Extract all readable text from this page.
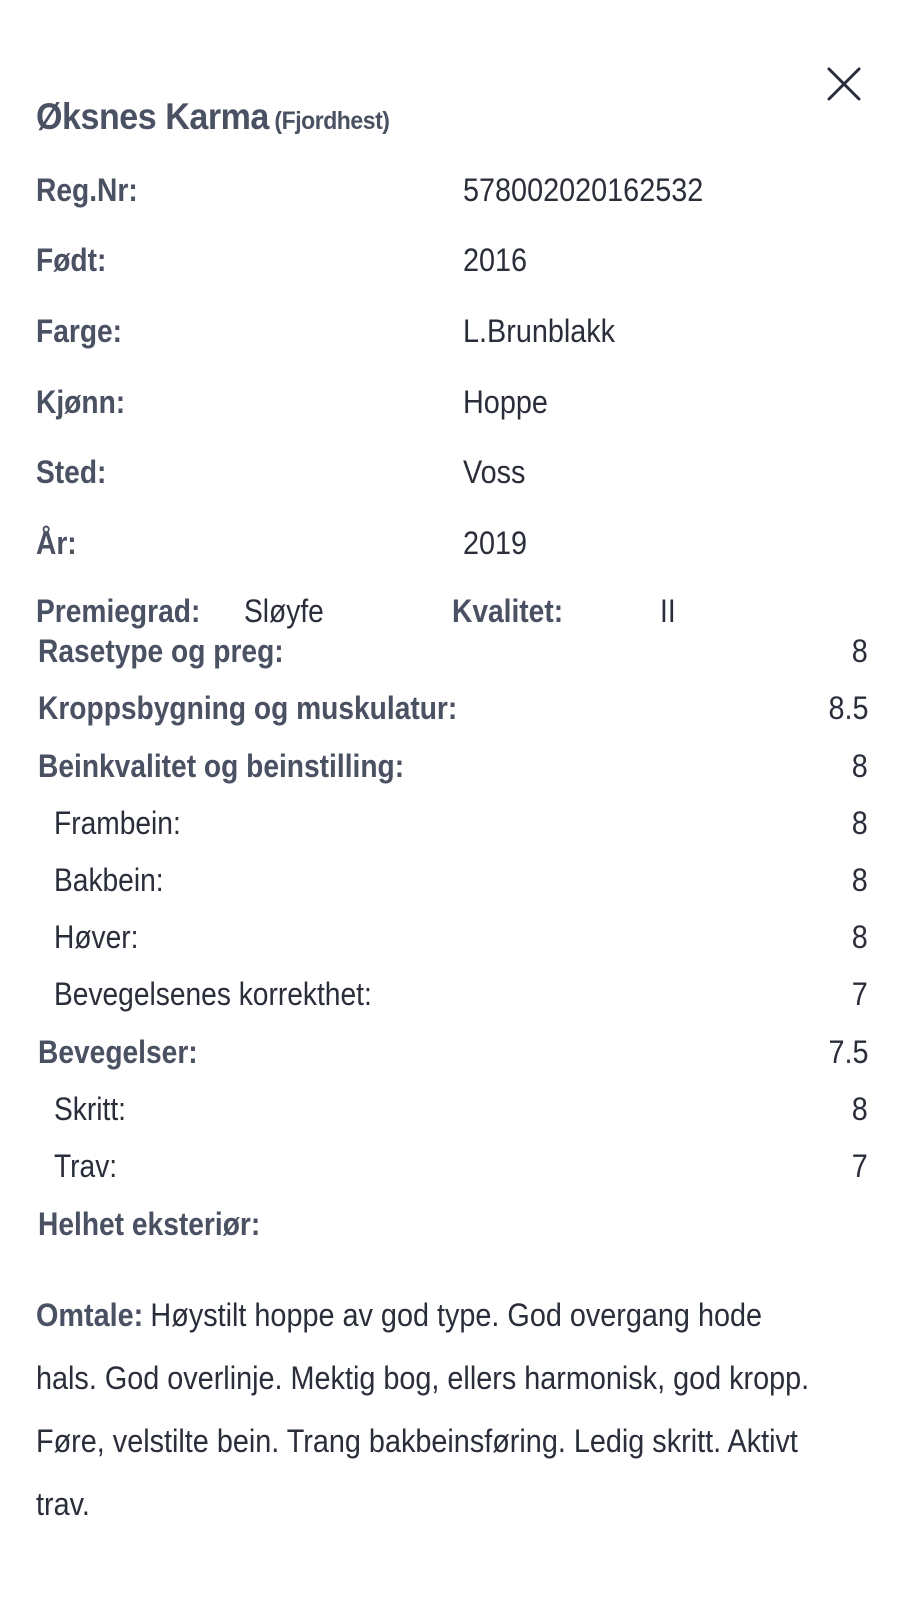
Øksnes Karma (Fjordhest)
Reg.Nr:	578002020162532
Født:	2016
Farge:	L.Brunblakk
Kjønn:	Hoppe
Sted:	Voss
År:	2019
Premiegrad: Sløyfe	Kvalitet:	II
Rasetype og preg:	8
Kroppsbygning og muskulatur:	8.5
Beinkvalitet og beinstilling:	8
Frambein:	8
Bakbein:	8
Høver:	8
Bevegelsenes korrekthet:	7
Bevegelser:	7.5
Skritt:	8
Trav:	7
Helhet eksteriør:

Omtale: Høystilt hoppe av god type. God overgang hode hals. God overlinje. Mektig bog, ellers harmonisk, god kropp. Føre, velstilte bein. Trang bakbeinsføring. Ledig skritt. Aktivt trav.
